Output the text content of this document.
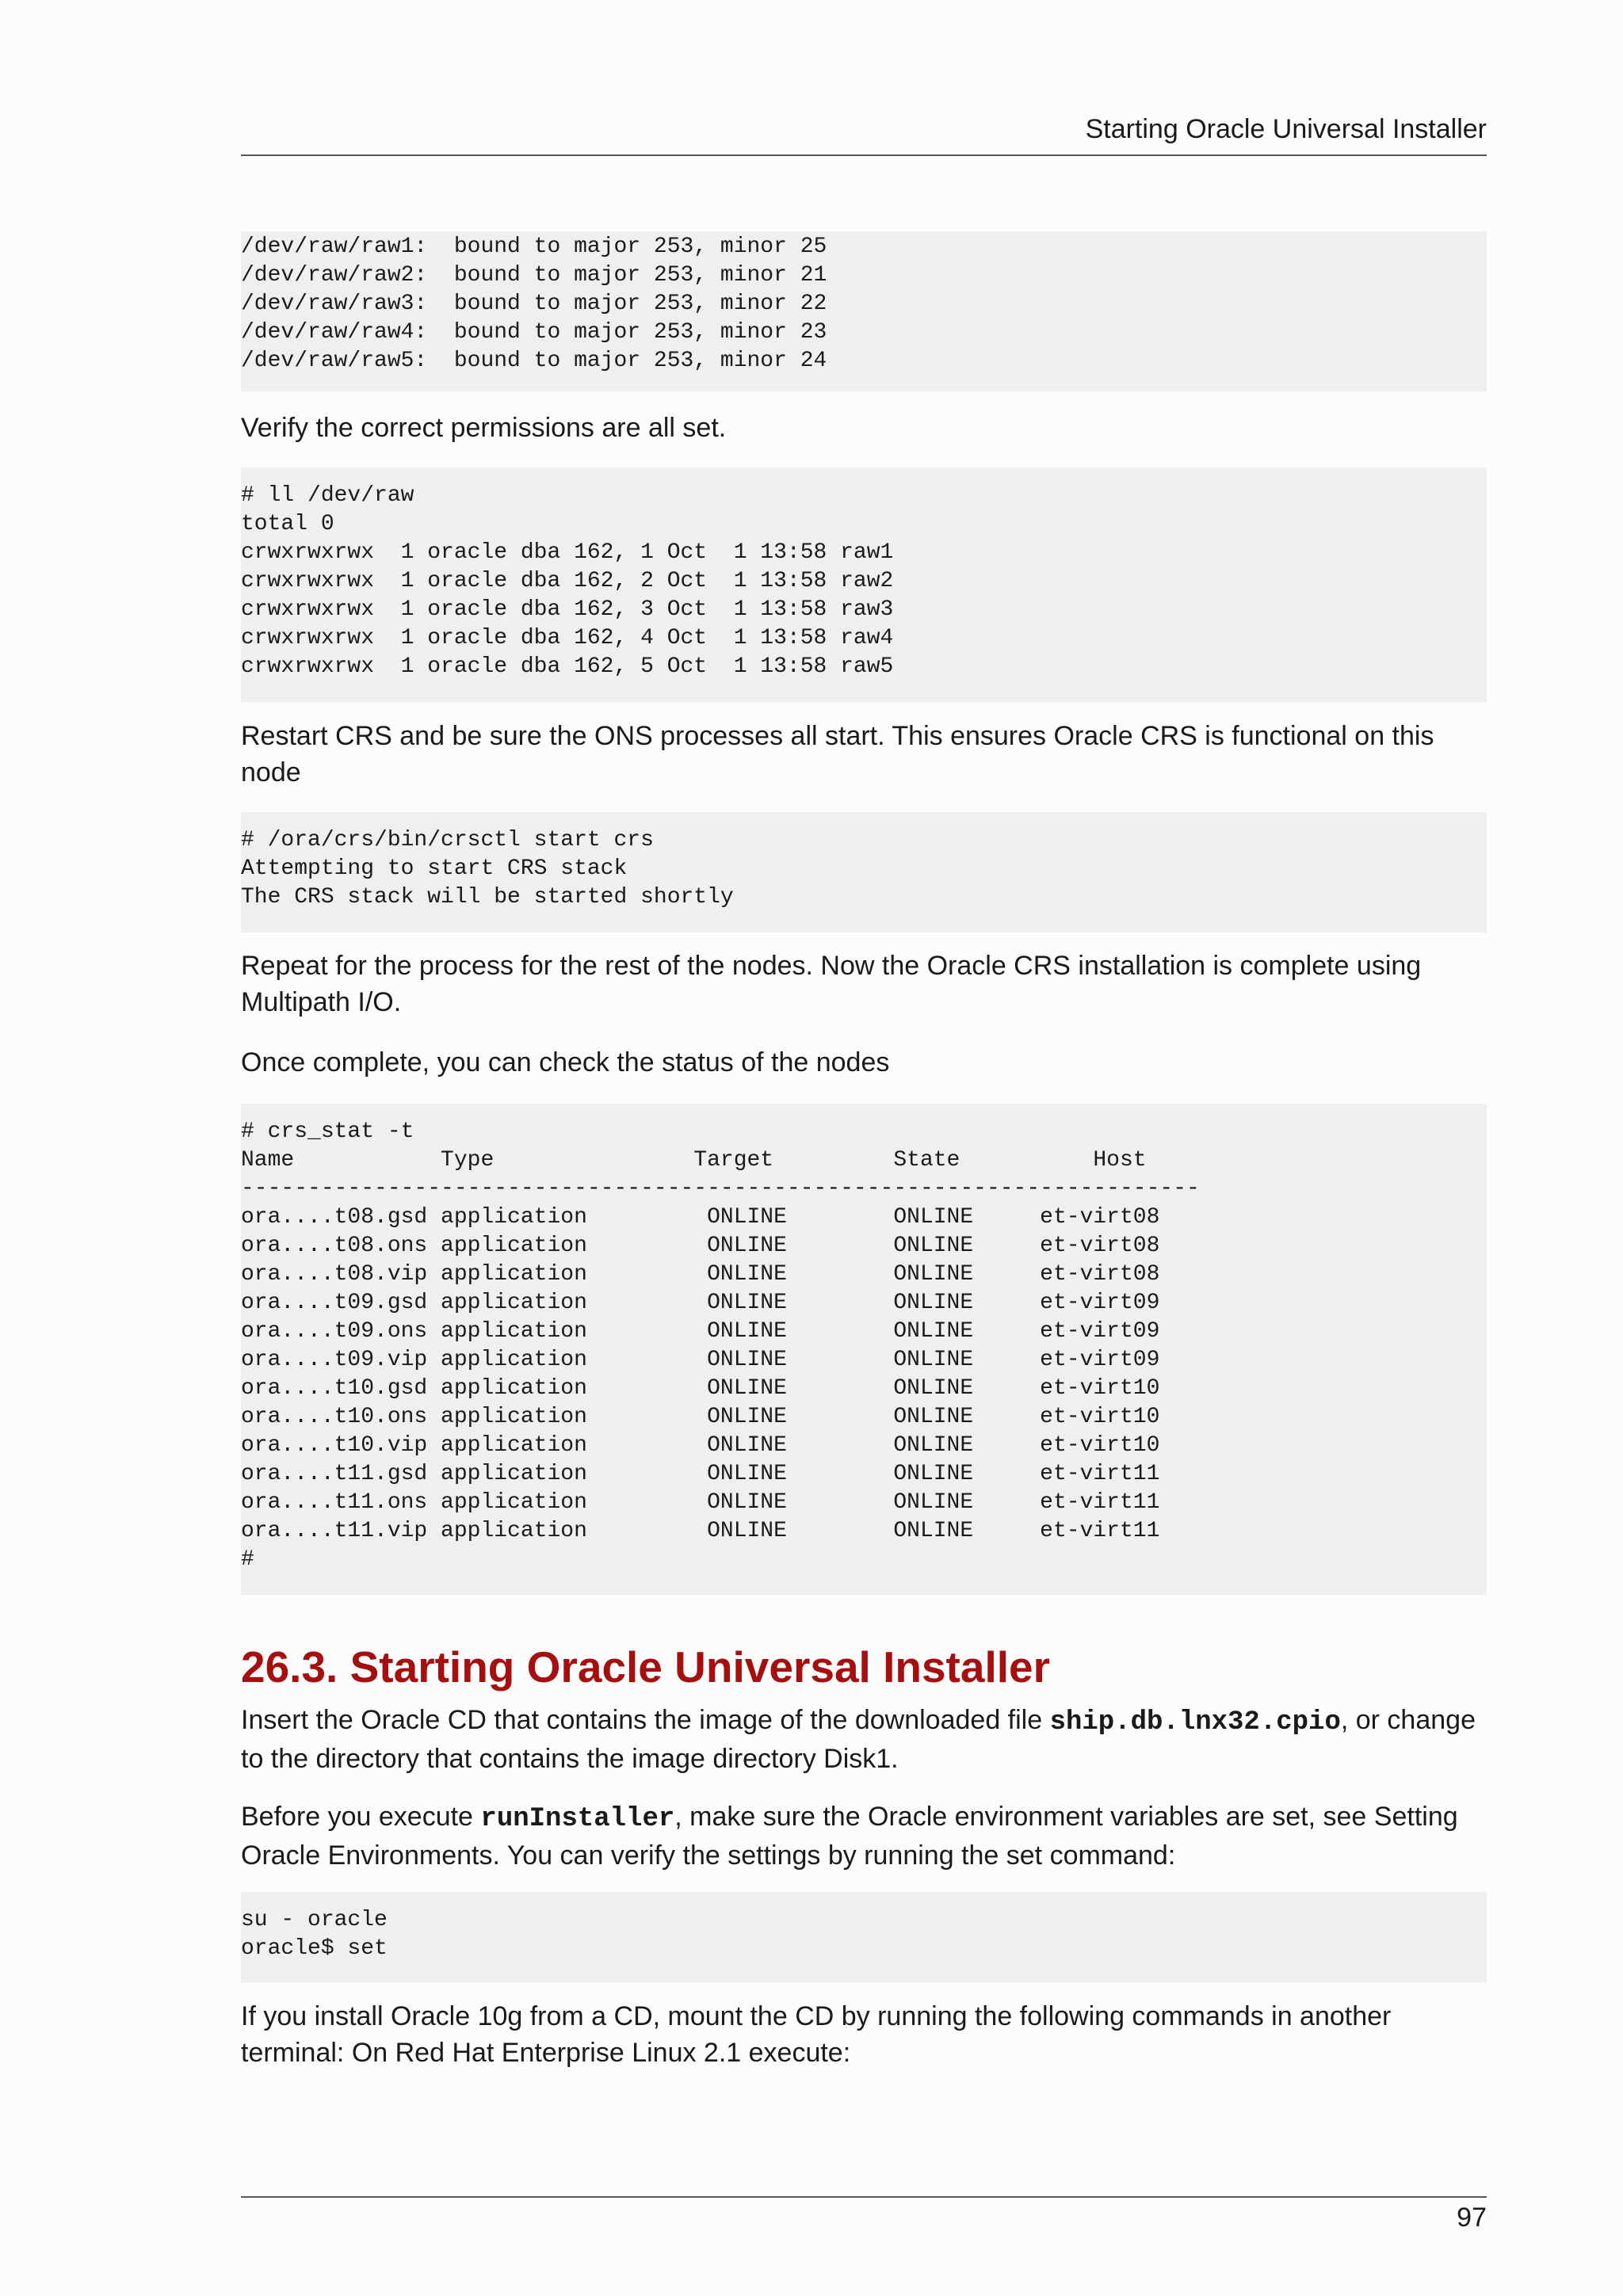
Starting Oracle Universal Installer
/dev/raw/raw1:  bound to major 253, minor 25
/dev/raw/raw2:  bound to major 253, minor 21
/dev/raw/raw3:  bound to major 253, minor 22
/dev/raw/raw4:  bound to major 253, minor 23
/dev/raw/raw5:  bound to major 253, minor 24

Verify the correct permissions are all set.

# ll /dev/raw
total 0
crwxrwxrwx  1 oracle dba 162, 1 Oct  1 13:58 raw1
crwxrwxrwx  1 oracle dba 162, 2 Oct  1 13:58 raw2
crwxrwxrwx  1 oracle dba 162, 3 Oct  1 13:58 raw3
crwxrwxrwx  1 oracle dba 162, 4 Oct  1 13:58 raw4
crwxrwxrwx  1 oracle dba 162, 5 Oct  1 13:58 raw5

Restart CRS and be sure the ONS processes all start. This ensures Oracle CRS is functional on this node

# /ora/crs/bin/crsctl start crs
Attempting to start CRS stack
The CRS stack will be started shortly

Repeat for the process for the rest of the nodes. Now the Oracle CRS installation is complete using Multipath I/O.

Once complete, you can check the status of the nodes

# crs_stat -t
Name           Type               Target         State          Host
------------------------------------------------------------------------
ora....t08.gsd application         ONLINE        ONLINE     et-virt08
ora....t08.ons application         ONLINE        ONLINE     et-virt08
ora....t08.vip application         ONLINE        ONLINE     et-virt08
ora....t09.gsd application         ONLINE        ONLINE     et-virt09
ora....t09.ons application         ONLINE        ONLINE     et-virt09
ora....t09.vip application         ONLINE        ONLINE     et-virt09
ora....t10.gsd application         ONLINE        ONLINE     et-virt10
ora....t10.ons application         ONLINE        ONLINE     et-virt10
ora....t10.vip application         ONLINE        ONLINE     et-virt10
ora....t11.gsd application         ONLINE        ONLINE     et-virt11
ora....t11.ons application         ONLINE        ONLINE     et-virt11
ora....t11.vip application         ONLINE        ONLINE     et-virt11
#
26.3. Starting Oracle Universal Installer

Insert the Oracle CD that contains the image of the downloaded file ship.db.lnx32.cpio, or change to the directory that contains the image directory Disk1.

Before you execute runInstaller, make sure the Oracle environment variables are set, see Setting Oracle Environments. You can verify the settings by running the set command:

su - oracle
oracle$ set

If you install Oracle 10g from a CD, mount the CD by running the following commands in another terminal: On Red Hat Enterprise Linux 2.1 execute:

97
